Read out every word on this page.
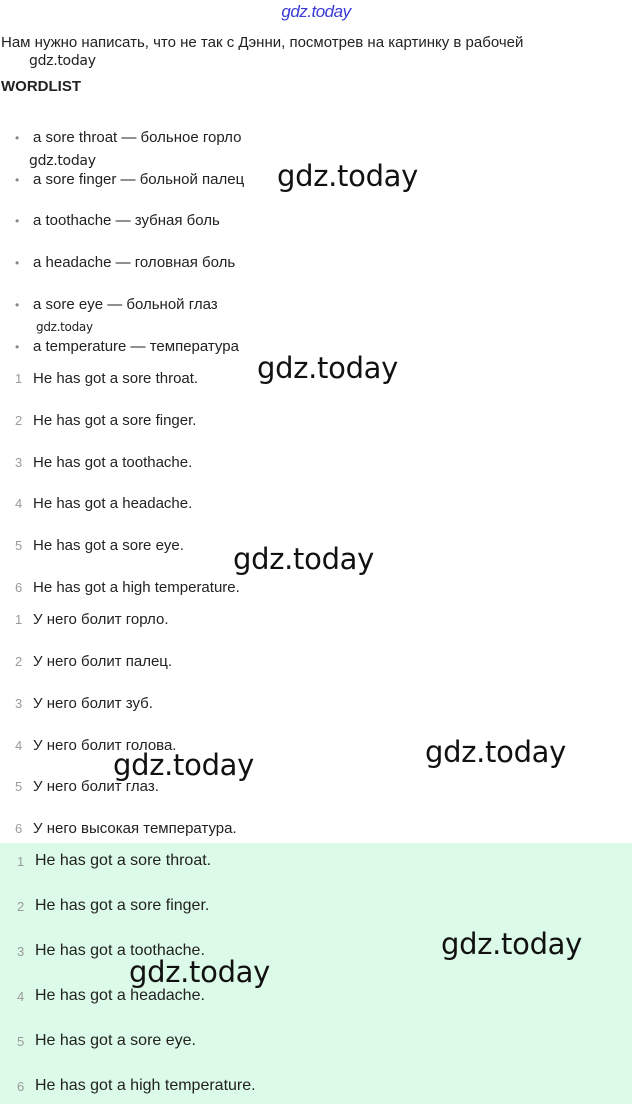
gdz.today
Нам нужно написать, что не так с Дэнни, посмотрев на картинку в рабочей
gdz.today
WORDLIST
• a sore throat — больное горло
gdz.today
• a sore finger — больной палец
• a toothache — зубная боль
• a headache — головная боль
• a sore eye — больной глаз
gdz.today
• a temperature — температура
1 He has got a sore throat.
2 He has got a sore finger.
3 He has got a toothache.
4 He has got a headache.
5 He has got a sore eye.
6 He has got a high temperature.
1 У него болит горло.
2 У него болит палец.
3 У него болит зуб.
4 У него болит голова.
5 У него болит глаз.
6 У него высокая температура.
1 He has got a sore throat.
2 He has got a sore finger.
3 He has got a toothache.
4 He has got a headache.
5 He has got a sore eye.
6 He has got a high temperature.
gdz.today
gdz.today
gdz.today
gdz.today
gdz.today
gdz.today
gdz.today
